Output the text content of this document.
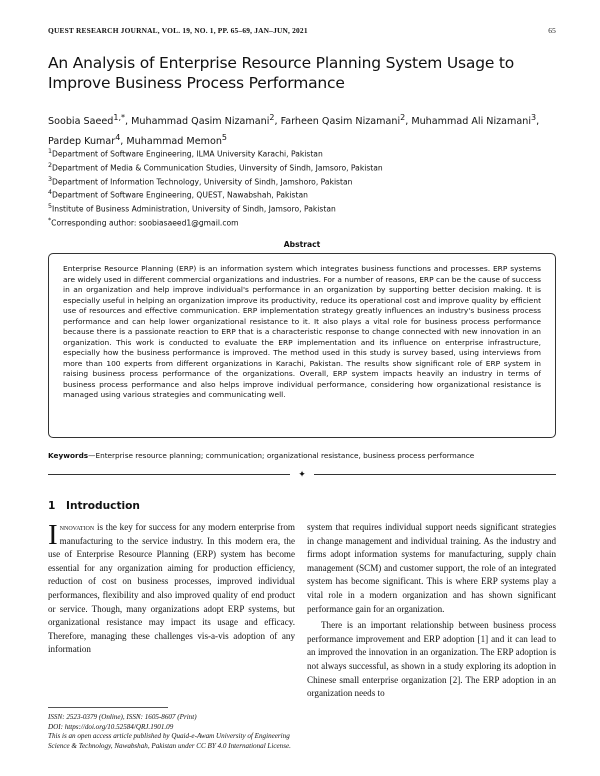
QUEST RESEARCH JOURNAL, VOL. 19, NO. 1, PP. 65–69, JAN–JUN, 2021	65
An Analysis of Enterprise Resource Planning System Usage to Improve Business Process Performance
Soobia Saeed$^{1,*}$, Muhammad Qasim Nizamani$^2$, Farheen Qasim Nizamani$^2$, Muhammad Ali Nizamani$^3$, Pardep Kumar$^4$, Muhammad Memon$^5$
$^1$Department of Software Engineering, ILMA University Karachi, Pakistan
$^2$Department of Media & Communication Studies, Uinversity of Sindh, Jamsoro, Pakistan
$^3$Department of Information Technology, University of Sindh, Jamshoro, Pakistan
$^4$Department of Software Engineering, QUEST, Nawabshah, Pakistan
$^5$Institute of Business Administration, University of Sindh, Jamsoro, Pakistan
*Corresponding author: soobiasaeed1@gmail.com
Abstract

Enterprise Resource Planning (ERP) is an information system which integrates business functions and processes. ERP systems are widely used in different commercial organizations and industries. For a number of reasons, ERP can be the cause of success in an organization and help improve individual's performance in an organization by supporting better decision making. It is especially useful in helping an organization improve its productivity, reduce its operational cost and improve quality by efficient use of resources and effective communication. ERP implementation strategy greatly influences an industry's business process performance and can help lower organizational resistance to it. It also plays a vital role for business process performance because there is a passionate reaction to ERP that is a characteristic response to change connected with new innovation in an organization. This work is conducted to evaluate the ERP implementation and its influence on enterprise infrastructure, especially how the business performance is improved. The method used in this study is survey based, using interviews from more than 100 experts from different organizations in Karachi, Pakistan. The results show significant role of ERP system in raising business process performance of the organizations. Overall, ERP system impacts heavily an industry in terms of business process performance and also helps improve individual performance, considering how organizational resistance is managed using various strategies and communicating well.

Keywords—Enterprise resource planning; communication; organizational resistance, business process performance
✦
1 Introduction

Innovation is the key for success for any modern enterprise from manufacturing to the service industry. In this modern era, the use of Enterprise Resource Planning (ERP) system has become essential for any organization aiming for production efficiency, reduction of cost on business processes, improved individual performances, flexibility and also improved quality of end product or service. Though, many organizations adopt ERP systems, but organizational resistance may impact its usage and efficacy. Therefore, managing these challenges vis-a-vis adoption of any information

system that requires individual support needs significant strategies in change management and individual training. As the industry and firms adopt information systems for manufacturing, supply chain management (SCM) and customer support, the role of an integrated system has become significant. This is where ERP systems play a vital role in a modern organization and has shown significant performance gain for an organization.

There is an important relationship between business process performance improvement and ERP adoption [1] and it can lead to an improved the innovation in an organization. The ERP adoption is not always successful, as shown in a study exploring its adoption in Chinese small enterprise organization [2]. The ERP adoption in an organization needs to

ISSN: 2523-0379 (Online), ISSN: 1605-8607 (Print)
DOI: https://doi.org/10.52584/QRJ.1901.09
This is an open access article published by Quaid-e-Awam University of Engineering Science & Technology, Nawabshah, Pakistan under CC BY 4.0 International License.
